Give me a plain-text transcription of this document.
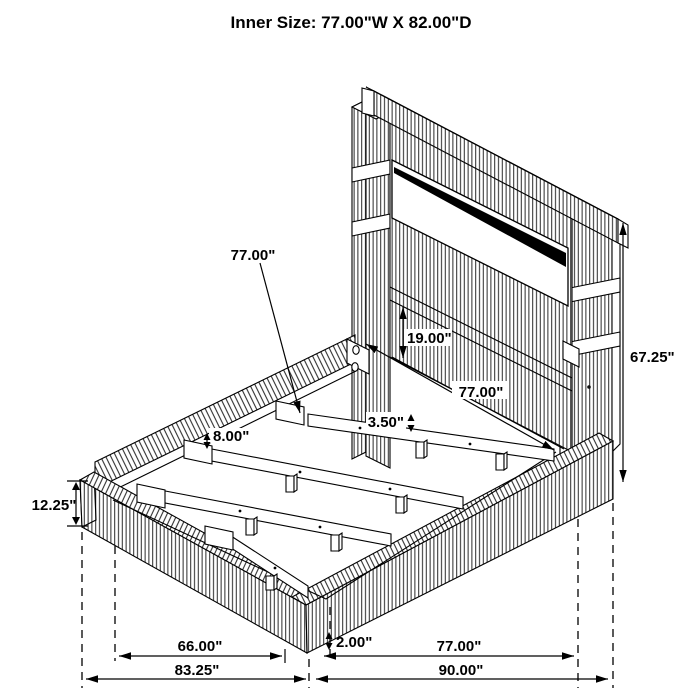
Inner Size: 77.00"W X 82.00"D
77.00"
19.00"
67.25"
77.00"
3.50"
8.00"
12.25"
66.00"
83.25"
2.00"	77.00"
90.00"
